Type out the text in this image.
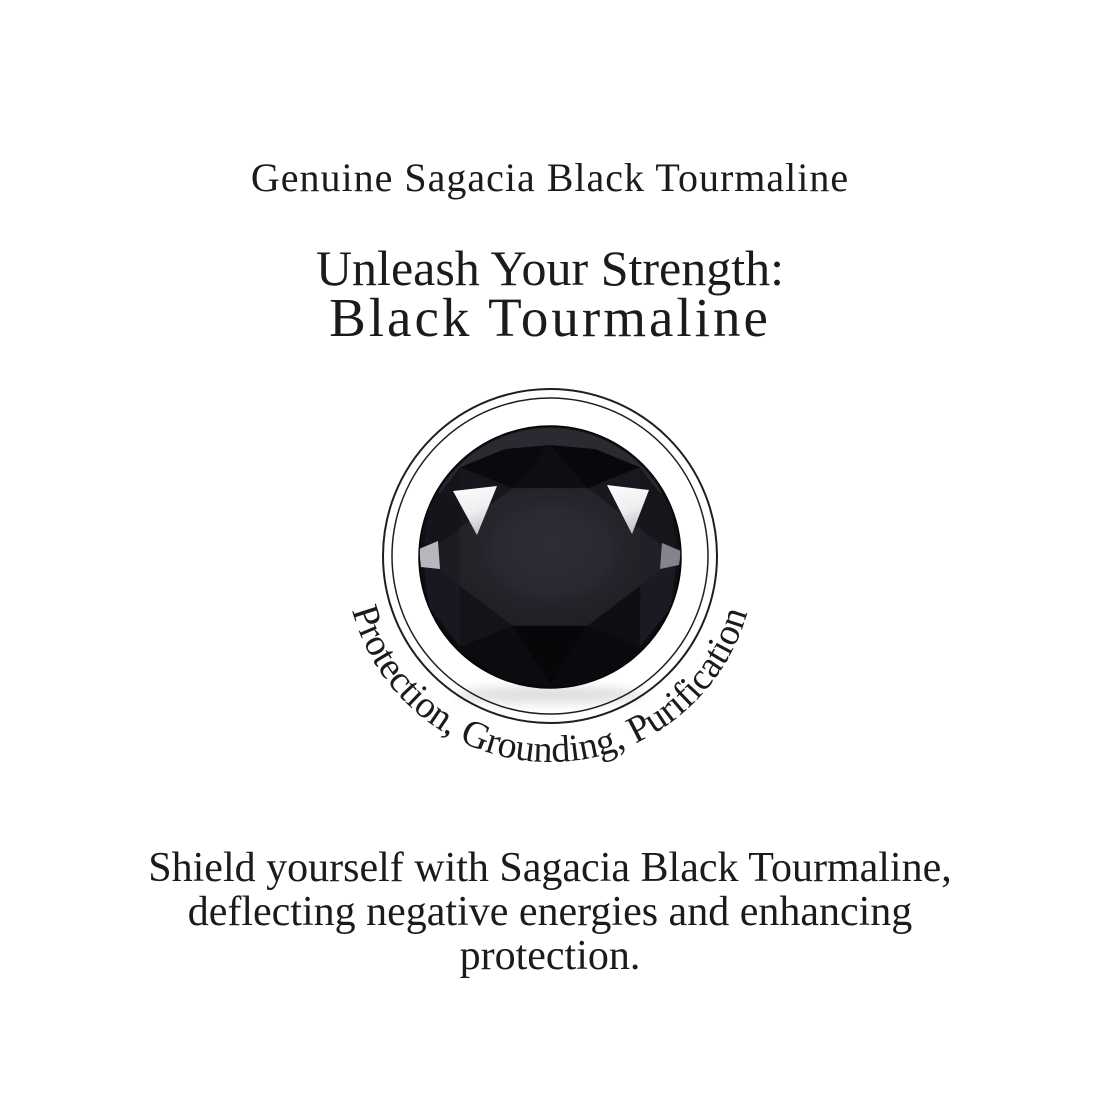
Genuine Sagacia Black Tourmaline
Unleash Your Strength:
Black Tourmaline
Protection, Grounding, Purification
Shield yourself with Sagacia Black Tourmaline,
deflecting negative energies and enhancing
protection.
